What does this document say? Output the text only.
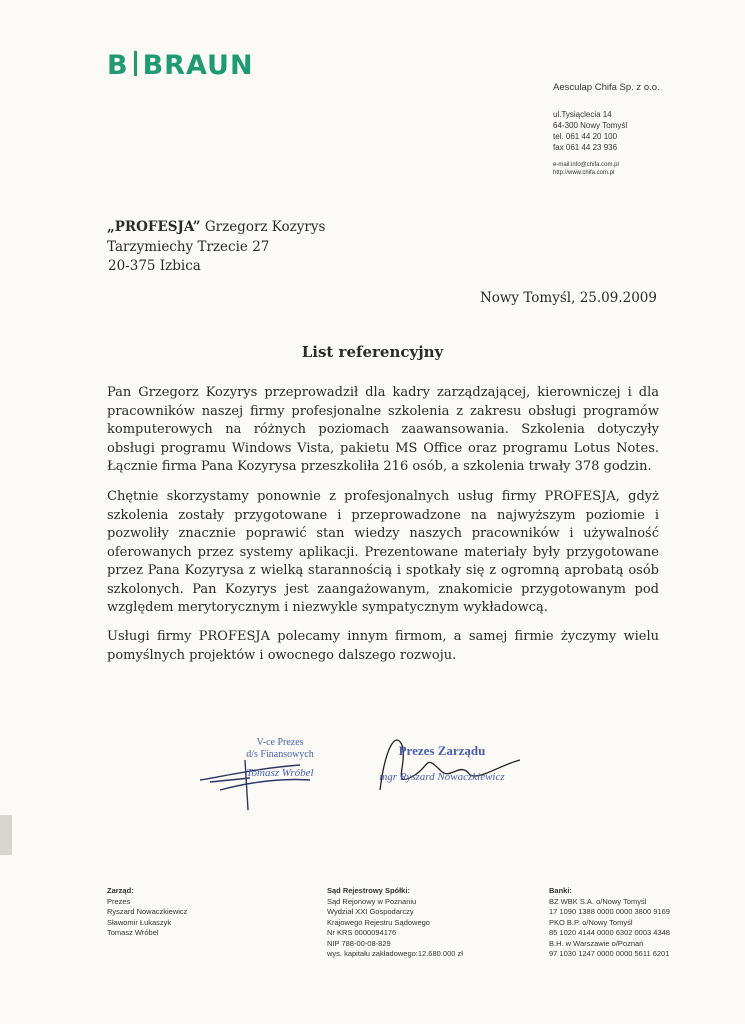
B BRAUN
Aesculap Chifa Sp. z o.o.
ul.Tysiąclecia 14
64-300 Nowy Tomyśl
tel. 061 44 20 100
fax 061 44 23 936
e-mail:info@chifa.com.pl
http://www.chifa.com.pl
„PROFESJA” Grzegorz Kozyrys
Tarzymiechy Trzecie 27
20-375 Izbica
Nowy Tomyśl, 25.09.2009
List referencyjny
Pan Grzegorz Kozyrys przeprowadził dla kadry zarządzającej, kierowniczej i dla pracowników naszej firmy profesjonalne szkolenia z zakresu obsługi programów komputerowych na różnych poziomach zaawansowania. Szkolenia dotyczyły obsługi programu Windows Vista, pakietu MS Office oraz programu Lotus Notes. Łącznie firma Pana Kozyrysa przeszkoliła 216 osób, a szkolenia trwały 378 godzin.
Chętnie skorzystamy ponownie z profesjonalnych usług firmy PROFESJA, gdyż szkolenia zostały przygotowane i przeprowadzone na najwyższym poziomie i pozwoliły znacznie poprawić stan wiedzy naszych pracowników i używalność oferowanych przez systemy aplikacji. Prezentowane materiały były przygotowane przez Pana Kozyrysa z wielką starannością i spotkały się z ogromną aprobatą osób szkolonych. Pan Kozyrys jest zaangażowanym, znakomicie przygotowanym pod względem merytorycznym i niezwykle sympatycznym wykładowcą.
Usługi firmy PROFESJA polecamy innym firmom, a samej firmie życzymy wielu pomyślnych projektów i owocnego dalszego rozwoju.
V-ce Prezes
d/s Finansowych
Tomasz Wróbel
Prezes Zarządu
mgr Ryszard Nowaczkiewicz
Zarząd:
Prezes
Ryszard Nowaczkiewicz
Sławomir Łukaszyk
Tomasz Wróbel
Sąd Rejestrowy Spółki:
Sąd Rejonowy w Poznaniu
Wydział XXI Gospodarczy
Krajowego Rejestru Sądowego
Nr KRS 0000094176
NIP 788-00-08-829
wys. kapitału zakładowego:12.680.000 zł
Banki:
BZ WBK S.A. o/Nowy Tomyśl
17 1090 1388 0000 0000 3800 9169
PKO B.P. o/Nowy Tomyśl
85 1020 4144 0000 6302 0003 4348
B.H. w Warszawie o/Poznań
97 1030 1247 0000 0000 5611 6201
